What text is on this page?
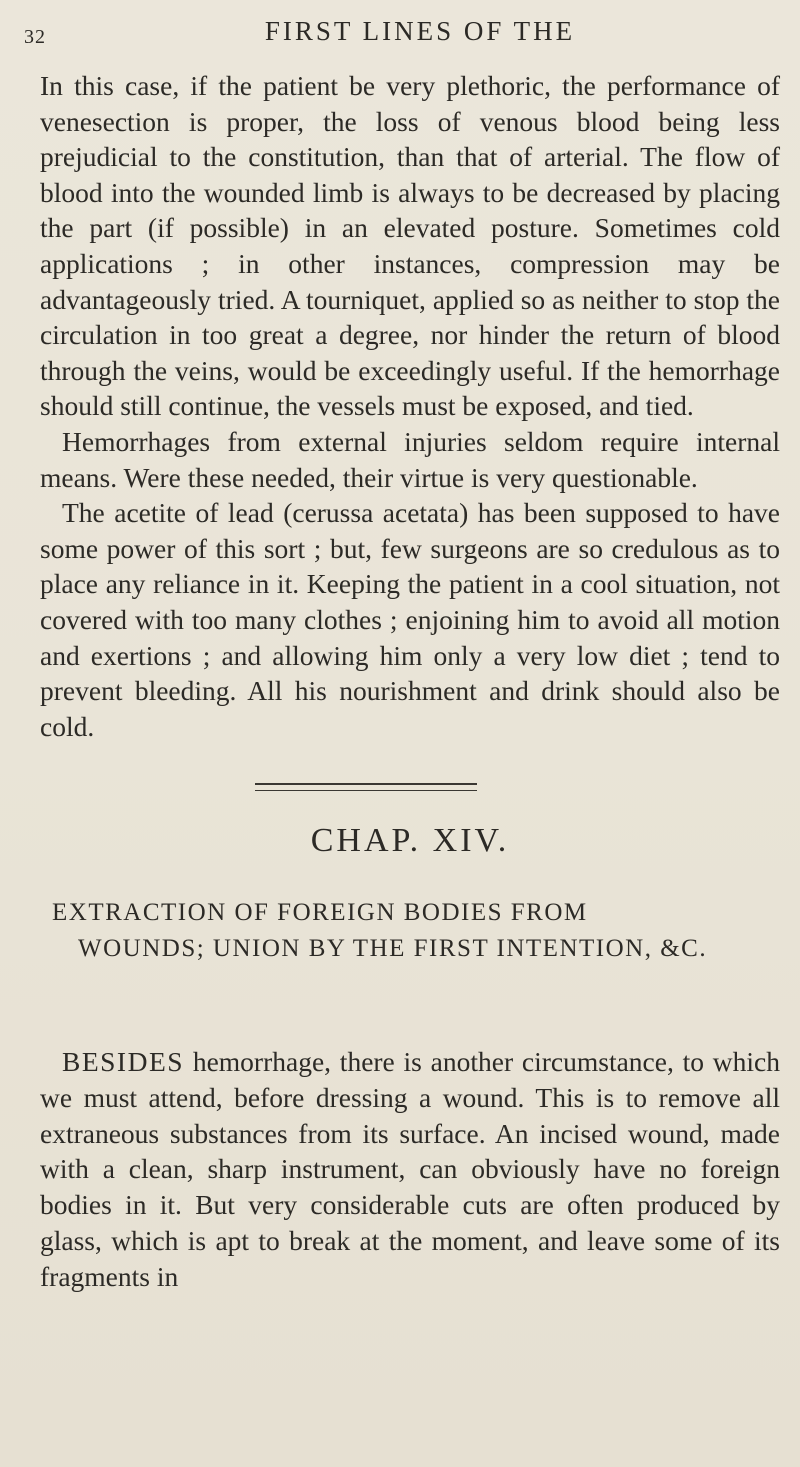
32	FIRST LINES OF THE

In this case, if the patient be very plethoric, the performance of venesection is proper, the loss of venous blood being less prejudicial to the constitution, than that of arterial. The flow of blood into the wounded limb is always to be decreased by placing the part (if possible) in an elevated posture. Sometimes cold applications ; in other instances, compression may be advantageously tried. A tourniquet, applied so as neither to stop the circulation in too great a degree, nor hinder the return of blood through the veins, would be exceedingly useful. If the hemorrhage should still continue, the vessels must be exposed, and tied.

Hemorrhages from external injuries seldom require internal means. Were these needed, their virtue is very questionable.

The acetite of lead (cerussa acetata) has been supposed to have some power of this sort ; but, few surgeons are so credulous as to place any reliance in it. Keeping the patient in a cool situation, not covered with too many clothes ; enjoining him to avoid all motion and exertions ; and allowing him only a very low diet ; tend to prevent bleeding. All his nourishment and drink should also be cold.

CHAP. XIV.
EXTRACTION OF FOREIGN BODIES FROM
WOUNDS; UNION BY THE FIRST INTENTION, &C.

BESIDES hemorrhage, there is another circumstance, to which we must attend, before dressing a wound. This is to remove all extraneous substances from its surface. An incised wound, made with a clean, sharp instrument, can obviously have no foreign bodies in it. But very considerable cuts are often produced by glass, which is apt to break at the moment, and leave some of its fragments in
